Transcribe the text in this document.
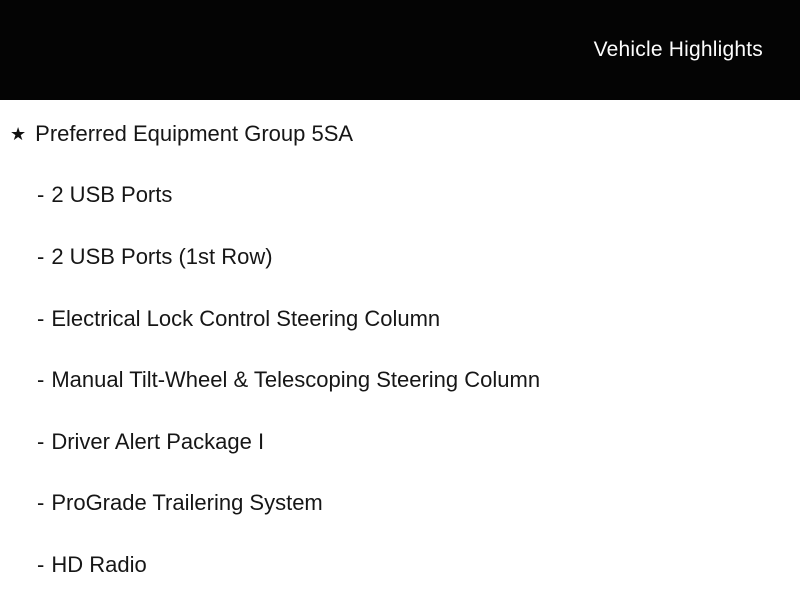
Vehicle Highlights
★ Preferred Equipment Group 5SA
- 2 USB Ports
- 2 USB Ports (1st Row)
- Electrical Lock Control Steering Column
- Manual Tilt-Wheel & Telescoping Steering Column
- Driver Alert Package I
- ProGrade Trailering System
- HD Radio
